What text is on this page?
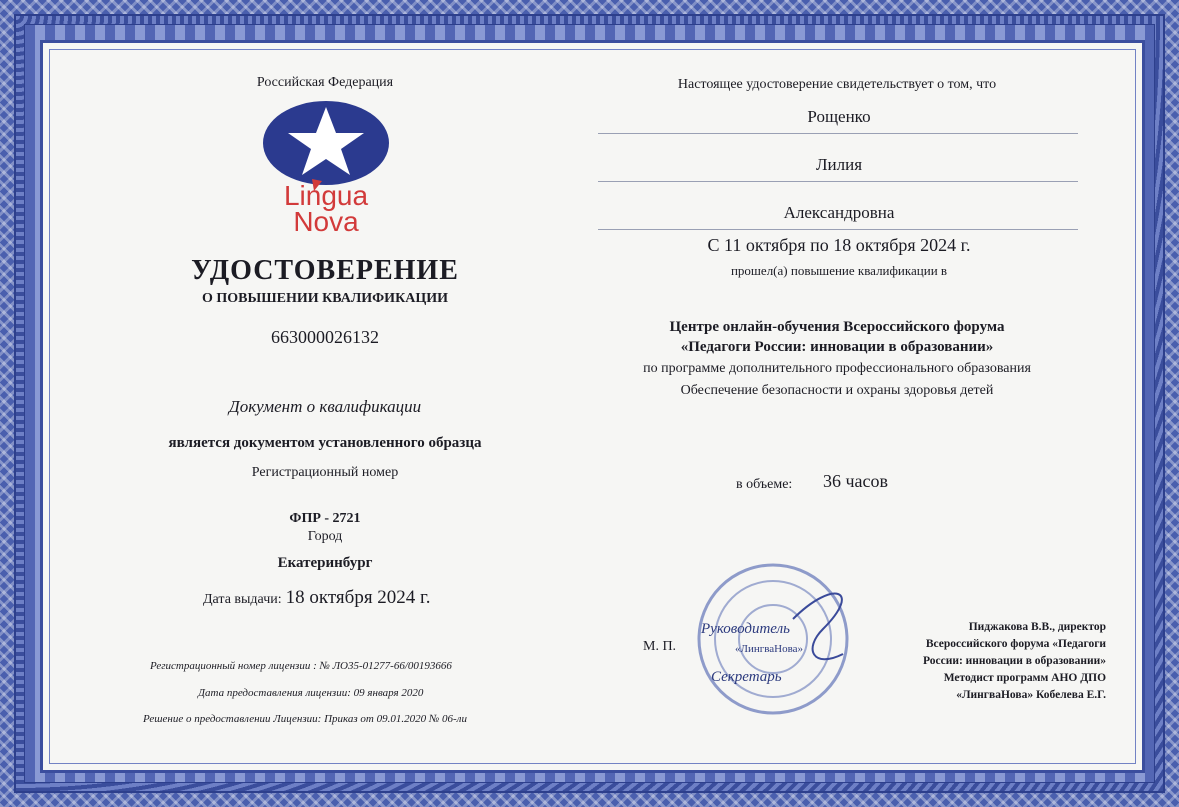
Российская Федерация
Lingua
Nova
УДОСТОВЕРЕНИЕ
О ПОВЫШЕНИИ КВАЛИФИКАЦИИ
663000026132
Документ о квалификации
является документом установленного образца
Регистрационный номер
ФПР - 2721
Город
Екатеринбург
Дата выдачи: 18 октября 2024 г.
Регистрационный номер лицензии : № ЛО35-01277-66/00193666
Дата предоставления лицензии: 09 января 2020
Решение о предоставлении Лицензии: Приказ от 09.01.2020 № 06-ли
Настоящее удостоверение свидетельствует о том, что
Рощенко
Лилия
Александровна
С 11 октября по 18 октября 2024 г.
прошел(а) повышение квалификации в
Центре онлайн-обучения Всероссийского форума
«Педагоги России: инновации в образовании»
по программе дополнительного профессионального образования
Обеспечение безопасности и охраны здоровья детей
в объеме: 36 часов
М. П.
Руководитель
«ЛингваНова»
Секретарь
Пиджакова В.В., директор
Всероссийского форума «Педагоги
России: инновации в образовании»
Методист программ АНО ДПО
«ЛингваНова» Кобелева Е.Г.
